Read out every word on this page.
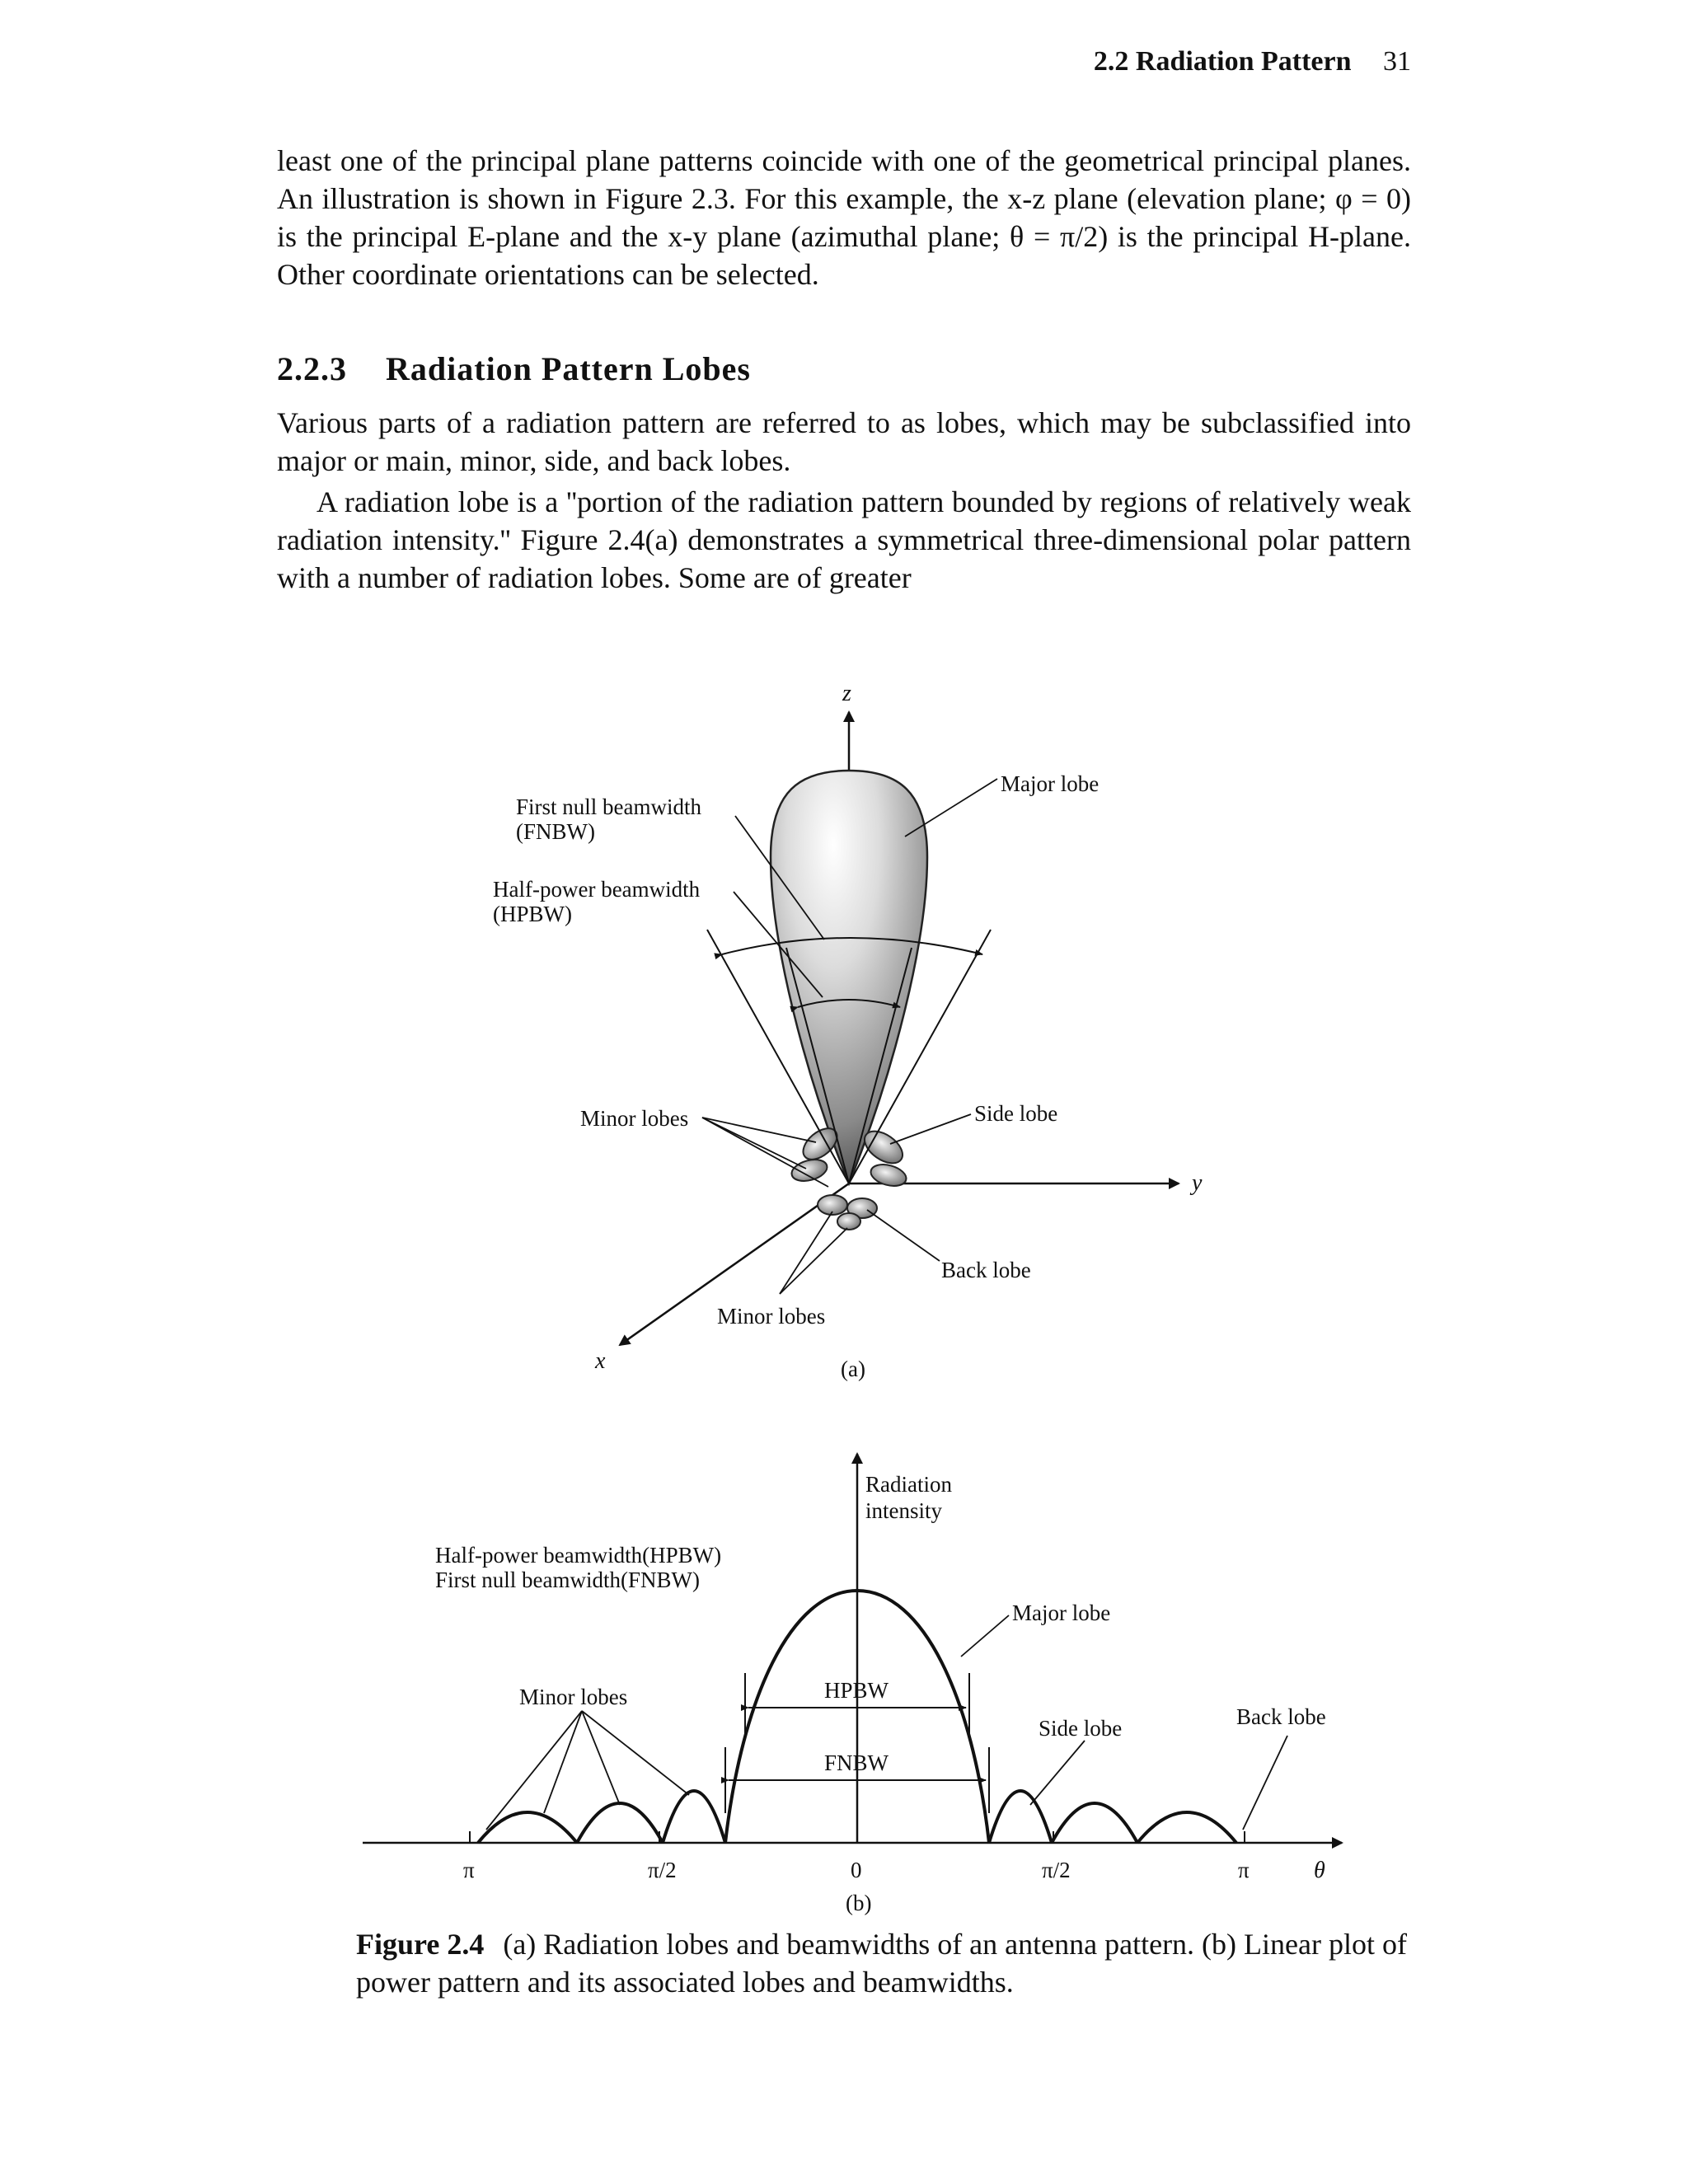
2.2 Radiation Pattern 31
least one of the principal plane patterns coincide with one of the geometrical principal planes. An illustration is shown in Figure 2.3. For this example, the x-z plane (elevation plane; φ = 0) is the principal E-plane and the x-y plane (azimuthal plane; θ = π/2) is the principal H-plane. Other coordinate orientations can be selected.
2.2.3 Radiation Pattern Lobes
Various parts of a radiation pattern are referred to as lobes, which may be subclassified into major or main, minor, side, and back lobes.
A radiation lobe is a ''portion of the radiation pattern bounded by regions of relatively weak radiation intensity.'' Figure 2.4(a) demonstrates a symmetrical three-dimensional polar pattern with a number of radiation lobes. Some are of greater
z
y
x
Major lobe
First null beamwidth
(FNBW)
Half-power beamwidth
(HPBW)
Minor lobes	Side lobe
Back lobe
Minor lobes
(a)
Radiation
intensity
Half-power beamwidth(HPBW)
First null beamwidth(FNBW)
Major lobe
Minor lobes	HPBW
FNBW
Side lobe	Back lobe
π	π/2	0	π/2	π	θ
(b)
Figure 2.4 (a) Radiation lobes and beamwidths of an antenna pattern. (b) Linear plot of power pattern and its associated lobes and beamwidths.
